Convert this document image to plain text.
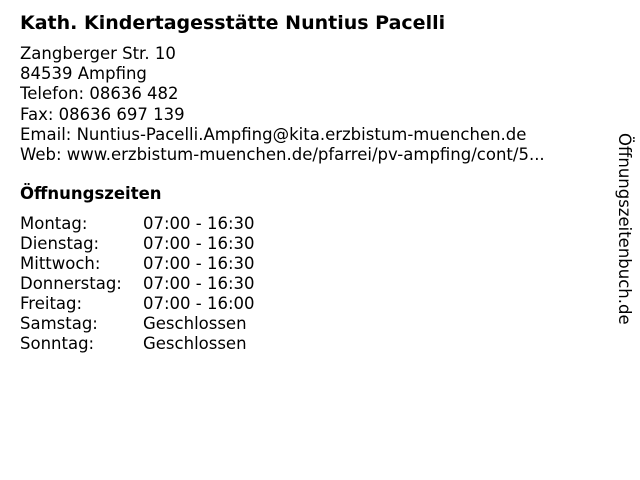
Kath. Kindertagesstätte Nuntius Pacelli
Zangberger Str. 10
84539 Ampfing
Telefon: 08636 482
Fax: 08636 697 139
Email: Nuntius-Pacelli.Ampfing@kita.erzbistum-muenchen.de
Web: www.erzbistum-muenchen.de/pfarrei/pv-ampfing/cont/5...
Öffnungszeiten
Montag:	07:00 - 16:30
Dienstag:	07:00 - 16:30
Mittwoch:	07:00 - 16:30
Donnerstag:	07:00 - 16:30
Freitag:	07:00 - 16:00
Samstag:	Geschlossen
Sonntag:	Geschlossen
Öffnungszeitenbuch.de
